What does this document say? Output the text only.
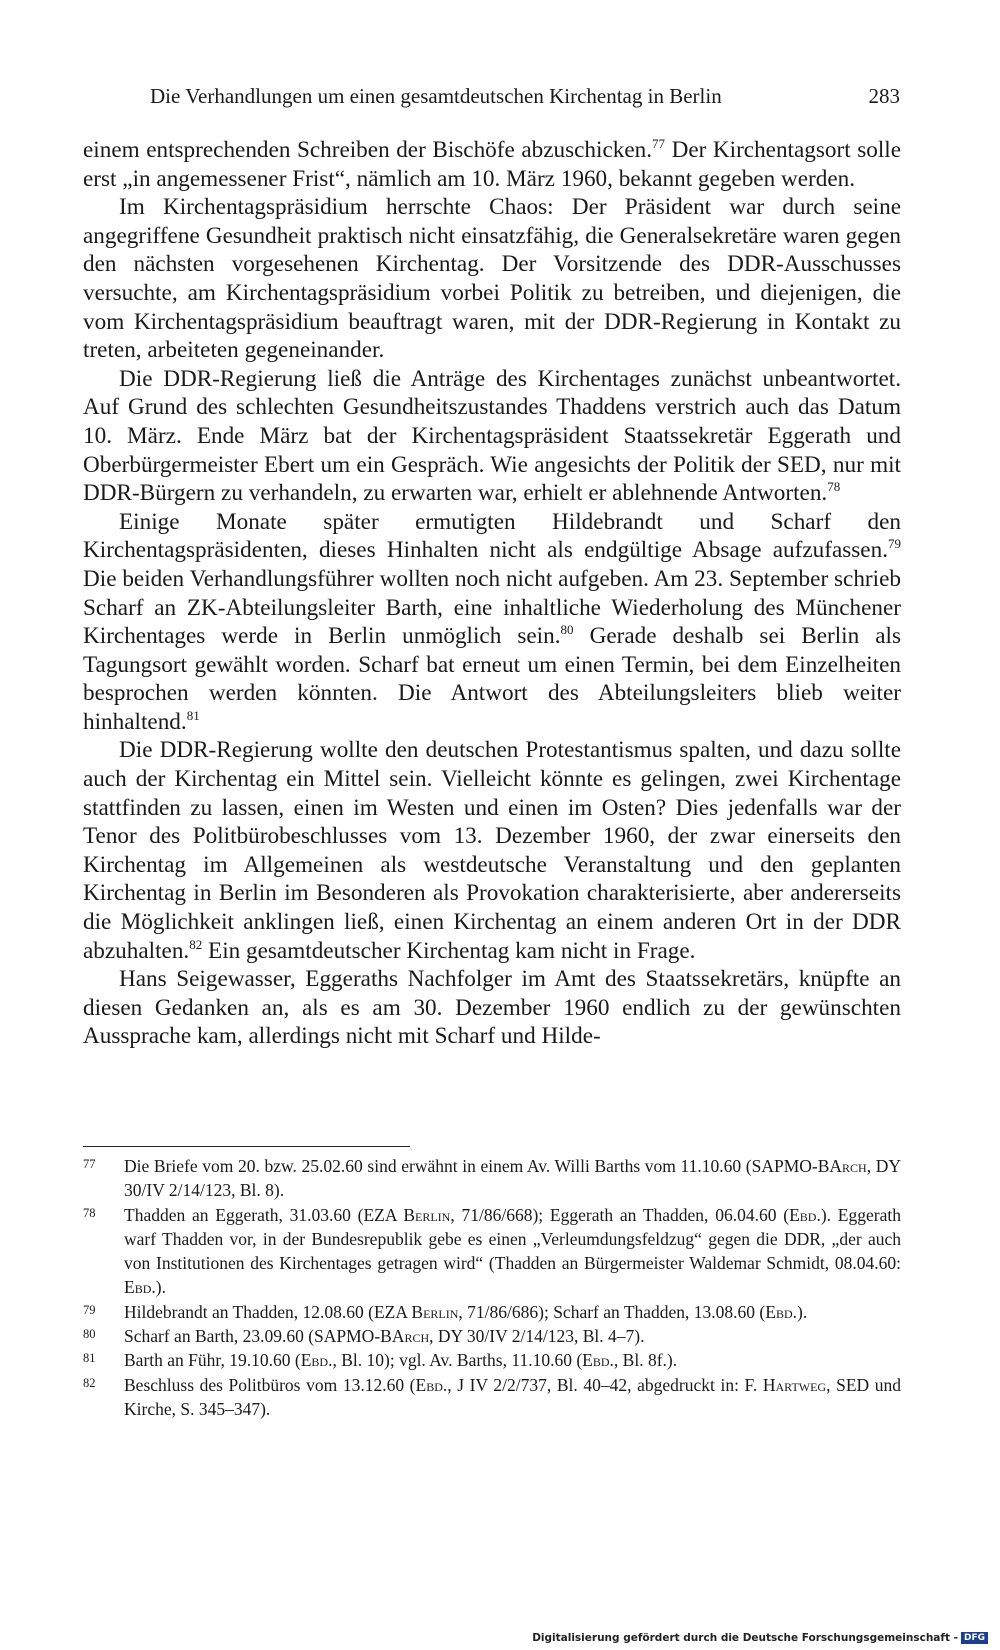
Die Verhandlungen um einen gesamtdeutschen Kirchentag in Berlin	283

einem entsprechenden Schreiben der Bischöfe abzuschicken.$^{77}$ Der Kirchentagsort solle erst „in angemessener Frist“, nämlich am 10. März 1960, bekannt gegeben werden.

Im Kirchentagspräsidium herrschte Chaos: Der Präsident war durch seine angegriffene Gesundheit praktisch nicht einsatzfähig, die Generalsekretäre waren gegen den nächsten vorgesehenen Kirchentag. Der Vorsitzende des DDR-Ausschusses versuchte, am Kirchentagspräsidium vorbei Politik zu betreiben, und diejenigen, die vom Kirchentagspräsidium beauftragt waren, mit der DDR-Regierung in Kontakt zu treten, arbeiteten gegeneinander.

Die DDR-Regierung ließ die Anträge des Kirchentages zunächst unbeantwortet. Auf Grund des schlechten Gesundheitszustandes Thaddens verstrich auch das Datum 10. März. Ende März bat der Kirchentagspräsident Staatssekretär Eggerath und Oberbürgermeister Ebert um ein Gespräch. Wie angesichts der Politik der SED, nur mit DDR-Bürgern zu verhandeln, zu erwarten war, erhielt er ablehnende Antworten.$^{78}$

Einige Monate später ermutigten Hildebrandt und Scharf den Kirchentagspräsidenten, dieses Hinhalten nicht als endgültige Absage aufzufassen.$^{79}$ Die beiden Verhandlungsführer wollten noch nicht aufgeben. Am 23. September schrieb Scharf an ZK-Abteilungsleiter Barth, eine inhaltliche Wiederholung des Münchener Kirchentages werde in Berlin unmöglich sein.$^{80}$ Gerade deshalb sei Berlin als Tagungsort gewählt worden. Scharf bat erneut um einen Termin, bei dem Einzelheiten besprochen werden könnten. Die Antwort des Abteilungsleiters blieb weiter hinhaltend.$^{81}$

Die DDR-Regierung wollte den deutschen Protestantismus spalten, und dazu sollte auch der Kirchentag ein Mittel sein. Vielleicht könnte es gelingen, zwei Kirchentage stattfinden zu lassen, einen im Westen und einen im Osten? Dies jedenfalls war der Tenor des Politbürobeschlusses vom 13. Dezember 1960, der zwar einerseits den Kirchentag im Allgemeinen als westdeutsche Veranstaltung und den geplanten Kirchentag in Berlin im Besonderen als Provokation charakterisierte, aber andererseits die Möglichkeit anklingen ließ, einen Kirchentag an einem anderen Ort in der DDR abzuhalten.$^{82}$ Ein gesamtdeutscher Kirchentag kam nicht in Frage.

Hans Seigewasser, Eggeraths Nachfolger im Amt des Staatssekretärs, knüpfte an diesen Gedanken an, als es am 30. Dezember 1960 endlich zu der gewünschten Aussprache kam, allerdings nicht mit Scharf und Hilde-

77	Die Briefe vom 20. bzw. 25.02.60 sind erwähnt in einem Av. Willi Barths vom 11.10.60 (SAPMO-BArch, DY 30/IV 2/14/123, Bl. 8).
78	Thadden an Eggerath, 31.03.60 (EZA Berlin, 71/86/668); Eggerath an Thadden, 06.04.60 (Ebd.). Eggerath warf Thadden vor, in der Bundesrepublik gebe es einen „Verleumdungsfeldzug“ gegen die DDR, „der auch von Institutionen des Kirchentages getragen wird“ (Thadden an Bürgermeister Waldemar Schmidt, 08.04.60: Ebd.).
79	Hildebrandt an Thadden, 12.08.60 (EZA Berlin, 71/86/686); Scharf an Thadden, 13.08.60 (Ebd.).
80	Scharf an Barth, 23.09.60 (SAPMO-BArch, DY 30/IV 2/14/123, Bl. 4–7).
81	Barth an Führ, 19.10.60 (Ebd., Bl. 10); vgl. Av. Barths, 11.10.60 (Ebd., Bl. 8f.).
82	Beschluss des Politbüros vom 13.12.60 (Ebd., J IV 2/2/737, Bl. 40–42, abgedruckt in: F. Hartweg, SED und Kirche, S. 345–347).
Digitalisierung gefördert durch die Deutsche Forschungsgemeinschaft - DFG
